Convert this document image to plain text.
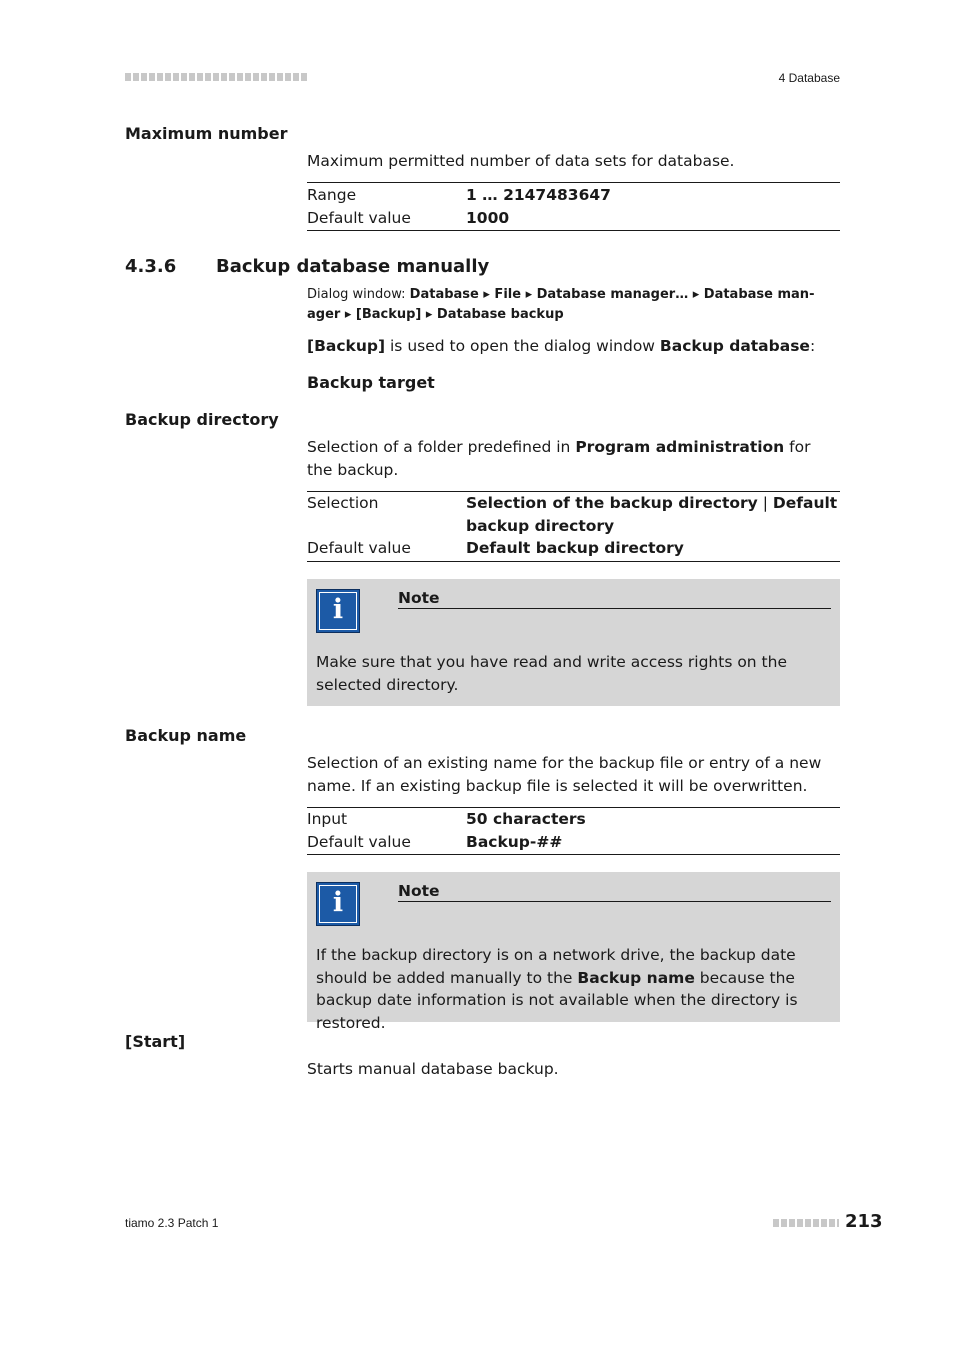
4 Database
Maximum number
Maximum permitted number of data sets for database.
Range	1 … 2147483647
Default value	1000
4.3.6 Backup database manually
Dialog window: Database ▸ File ▸ Database manager… ▸ Database man-
ager ▸ [Backup] ▸ Database backup
[Backup] is used to open the dialog window Backup database:
Backup target
Backup directory
Selection of a folder predefined in Program administration for the backup.
Selection	Selection of the backup directory | Default backup directory
Default value	Default backup directory
i	Note
Make sure that you have read and write access rights on the selected directory.
Backup name
Selection of an existing name for the backup file or entry of a new name. If an existing backup file is selected it will be overwritten.
Input	50 characters
Default value	Backup-##
i	Note
If the backup directory is on a network drive, the backup date should be added manually to the Backup name because the backup date information is not available when the directory is restored.
[Start]
Starts manual database backup.
tiamo 2.3 Patch 1	213
